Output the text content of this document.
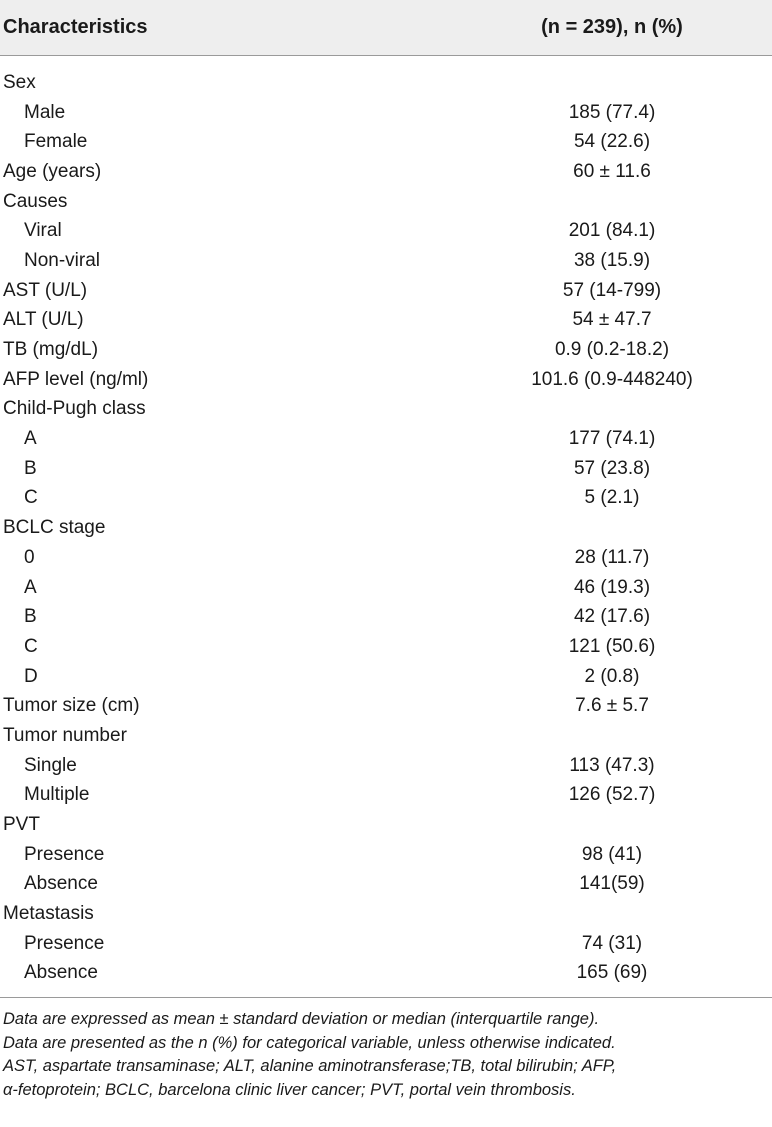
Characteristics	(n = 239), n (%)
Sex
Male	185 (77.4)
Female	54 (22.6)
Age (years)	60 ± 11.6
Causes
Viral	201 (84.1)
Non-viral	38 (15.9)
AST (U/L)	57 (14-799)
ALT (U/L)	54 ± 47.7
TB (mg/dL)	0.9 (0.2-18.2)
AFP level (ng/ml)	101.6 (0.9-448240)
Child-Pugh class
A	177 (74.1)
B	57 (23.8)
C	5 (2.1)
BCLC stage
0	28 (11.7)
A	46 (19.3)
B	42 (17.6)
C	121 (50.6)
D	2 (0.8)
Tumor size (cm)	7.6 ± 5.7
Tumor number
Single	113 (47.3)
Multiple	126 (52.7)
PVT
Presence	98 (41)
Absence	141(59)
Metastasis
Presence	74 (31)
Absence	165 (69)
Data are expressed as mean ± standard deviation or median (interquartile range).
Data are presented as the n (%) for categorical variable, unless otherwise indicated.
AST, aspartate transaminase; ALT, alanine aminotransferase;TB, total bilirubin; AFP,
α-fetoprotein; BCLC, barcelona clinic liver cancer; PVT, portal vein thrombosis.
